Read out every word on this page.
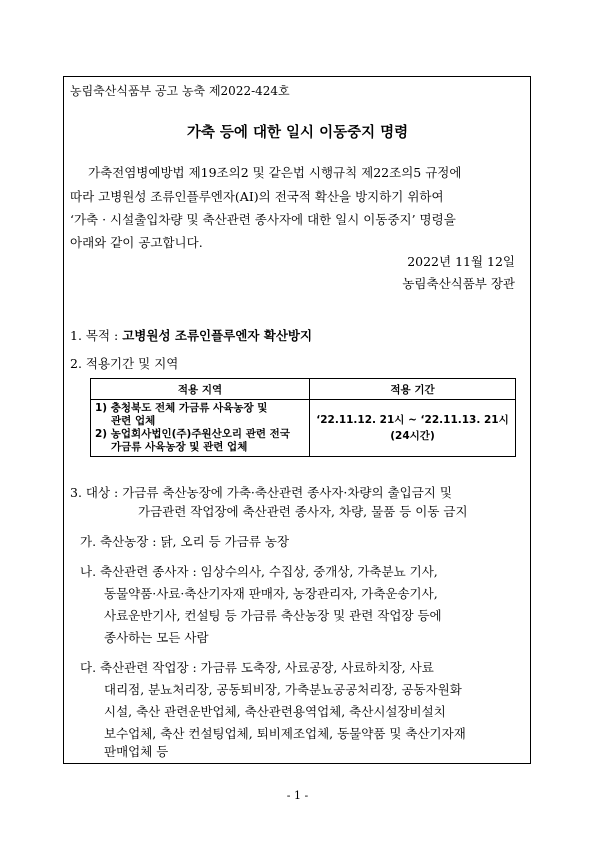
농림축산식품부 공고 농축 제2022-424호
가축 등에 대한 일시 이동중지 명령
가축전염병예방법 제19조의2 및 같은법 시행규칙 제22조의5 규정에
따라 고병원성 조류인플루엔자(AI)의 전국적 확산을 방지하기 위하여
‘가축 · 시설출입차량 및 축산관련 종사자에 대한 일시 이동중지’ 명령을
아래와 같이 공고합니다.
2022년 11월 12일
농림축산식품부 장관
1. 목적 : 고병원성 조류인플루엔자 확산방지
2. 적용기간 및 지역
적용 지역	적용 기간

1) 충청북도 전체 가금류 사육농장 및
관련 업체
2) 농업회사법인(주)주원산오리 관련 전국
가금류 사육농장 및 관련 업체	‘22.11.12. 21시 ~ ‘22.11.13. 21시
(24시간)
3. 대상 : 가금류 축산농장에 가축·축산관련 종사자·차량의 출입금지 및
가금관련 작업장에 축산관련 종사자, 차량, 물품 등 이동 금지
가. 축산농장 : 닭, 오리 등 가금류 농장
나. 축산관련 종사자 : 임상수의사, 수집상, 중개상, 가축분뇨 기사,
동물약품·사료·축산기자재 판매자, 농장관리자, 가축운송기사,
사료운반기사, 컨설팅 등 가금류 축산농장 및 관련 작업장 등에
종사하는 모든 사람
다. 축산관련 작업장 : 가금류 도축장, 사료공장, 사료하치장, 사료
대리점, 분뇨처리장, 공동퇴비장, 가축분뇨공공처리장, 공동자원화
시설, 축산 관련운반업체, 축산관련용역업체, 축산시설장비설치
보수업체, 축산 컨설팅업체, 퇴비제조업체, 동물약품 및 축산기자재
판매업체 등
- 1 -
